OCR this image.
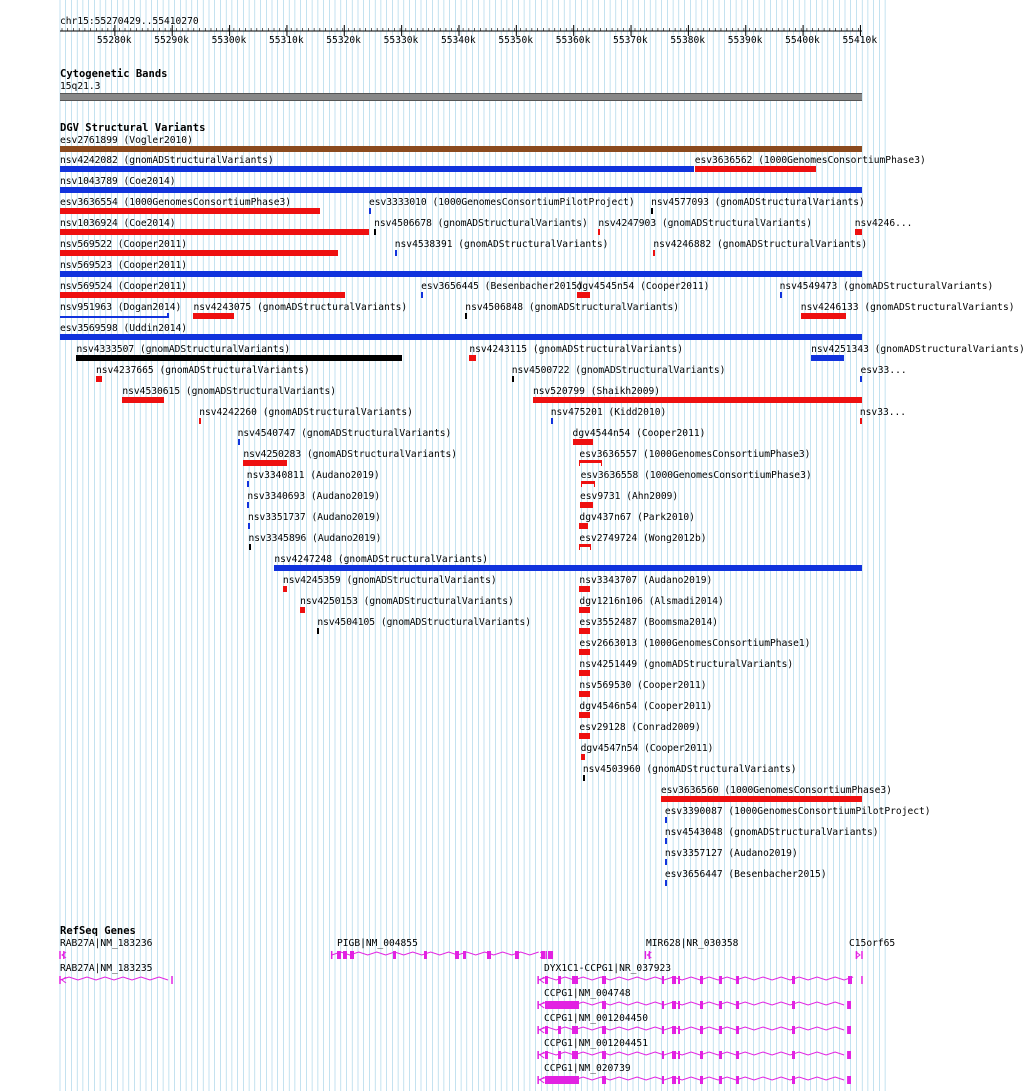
chr15:55270429..55410270
Cytogenetic Bands
15q21.3
DGV Structural Variants
RefSeq Genes
55280k 55290k 55300k 55310k 55320k 55330k 55340k 55350k 55360k 55370k 55380k 55390k 55400k 55410k
esv2761899 (Vogler2010)
nsv4242082 (gnomADStructuralVariants)	esv3636562 (1000GenomesConsortiumPhase3)
nsv1043789 (Coe2014)
esv3636554 (1000GenomesConsortiumPhase3)	esv3333010 (1000GenomesConsortiumPilotProject) nsv4577093 (gnomADStructuralVariants)
nsv1036924 (Coe2014)	nsv4506678 (gnomADStructuralVariants) nsv4247903 (gnomADStructuralVariants)	nsv4246...
nsv569522 (Cooper2011)	nsv4538391 (gnomADStructuralVariants)	nsv4246882 (gnomADStructuralVariants)
nsv569523 (Cooper2011)
nsv569524 (Cooper2011)	esv3656445 (Besenbacher2015)
dgv4545n54 (Cooper2011)	nsv4549473 (gnomADStructuralVariants)
nsv951963 (Dogan2014) nsv4243075 (gnomADStructuralVariants)	nsv4506848 (gnomADStructuralVariants)	nsv4246133 (gnomADStructuralVariants)
esv3569598 (Uddin2014)
nsv4333507 (gnomADStructuralVariants)	nsv4243115 (gnomADStructuralVariants)	nsv4251343 (gnomADStructuralVariants)
nsv4237665 (gnomADStructuralVariants)	nsv4500722 (gnomADStructuralVariants)	esv33...
nsv4530615 (gnomADStructuralVariants)	nsv520799 (Shaikh2009)
nsv4242260 (gnomADStructuralVariants)	nsv475201 (Kidd2010)	nsv33...
nsv4540747 (gnomADStructuralVariants)	dgv4544n54 (Cooper2011)
nsv4250283 (gnomADStructuralVariants)	esv3636557 (1000GenomesConsortiumPhase3)
nsv3340811 (Audano2019)	esv3636558 (1000GenomesConsortiumPhase3)
nsv3340693 (Audano2019)	esv9731 (Ahn2009)
nsv3351737 (Audano2019)	dgv437n67 (Park2010)
nsv3345896 (Audano2019)	esv2749724 (Wong2012b)
nsv4247248 (gnomADStructuralVariants)
nsv4245359 (gnomADStructuralVariants)	nsv3343707 (Audano2019)
nsv4250153 (gnomADStructuralVariants)	dgv1216n106 (Alsmadi2014)
nsv4504105 (gnomADStructuralVariants)	esv3552487 (Boomsma2014)
esv2663013 (1000GenomesConsortiumPhase1)
nsv4251449 (gnomADStructuralVariants)
nsv569530 (Cooper2011)
dgv4546n54 (Cooper2011)
esv29128 (Conrad2009)
dgv4547n54 (Cooper2011)
nsv4503960 (gnomADStructuralVariants)
esv3636560 (1000GenomesConsortiumPhase3)
esv3390087 (1000GenomesConsortiumPilotProject)
nsv4543048 (gnomADStructuralVariants)
nsv3357127 (Audano2019)
esv3656447 (Besenbacher2015)
RAB27A|NM_183236	PIGB|NM_004855	MIR628|NR_030358	C15orf65
RAB27A|NM_183235	DYX1C1-CCPG1|NR_037923
CCPG1|NM_004748
CCPG1|NM_001204450
CCPG1|NM_001204451
CCPG1|NM_020739
